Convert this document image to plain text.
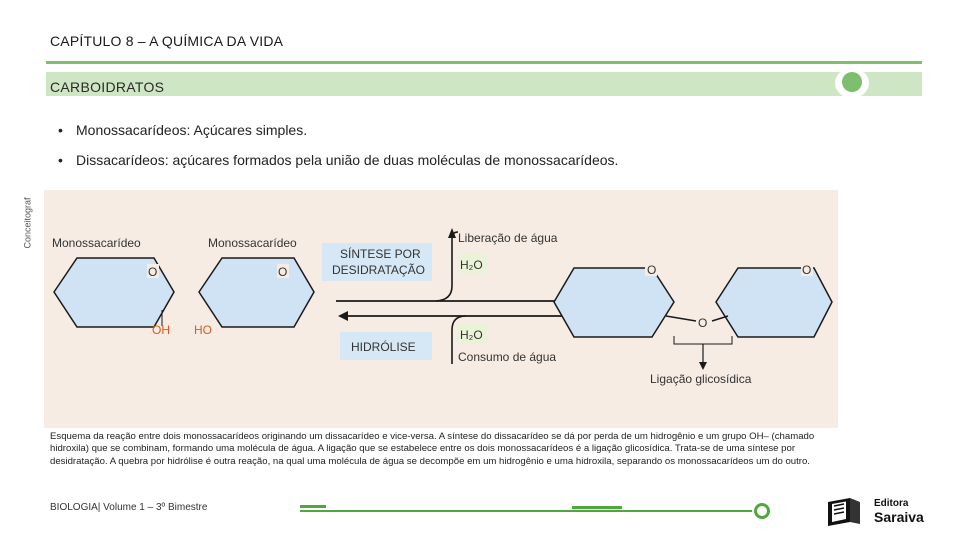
CAPÍTULO 8 – A QUÍMICA DA VIDA
CARBOIDRATOS
• Monossacarídeos: Açúcares simples.
• Dissacarídeos: açúcares formados pela união de duas moléculas de monossacarídeos.
Conceitograf Monossacarídeo	Monossacarídeo
O	O
OH HO
SÍNTESE POR
DESIDRATAÇÃO
HIDRÓLISE
Liberação de água
H₂O
H₂O
Consumo de água
O	O
O
Ligação glicosídica
Esquema da reação entre dois monossacarídeos originando um dissacarídeo e vice-versa. A síntese do dissacarídeo se dá por perda de um hidrogênio e um grupo OH– (chamado hidroxila) que se combinam, formando uma molécula de água. A ligação que se estabelece entre os dois monossacarídeos é a ligação glicosídica. Trata-se de uma síntese por desidratação. A quebra por hidrólise é outra reação, na qual uma molécula de água se decompõe em um hidrogênio e uma hidroxila, separando os monossacarídeos um do outro.
BIOLOGIA| Volume 1 – 3º Bimestre	Editora
Saraiva
